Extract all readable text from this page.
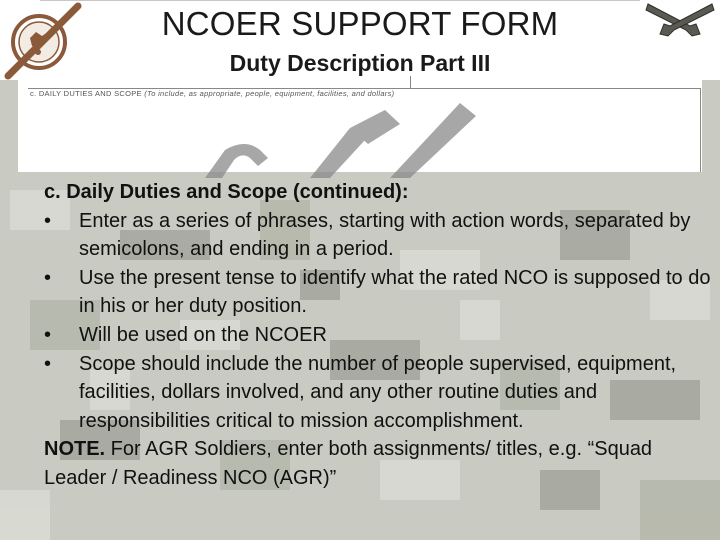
NCOER SUPPORT FORM
Duty Description Part III
c. DAILY DUTIES AND SCOPE (To include, as appropriate, people, equipment, facilities, and dollars)
c. Daily Duties and Scope (continued):
• Enter as a series of phrases, starting with action words, separated by semicolons, and ending in a period.
• Use the present tense to identify what the rated NCO is supposed to do in his or her duty position.
• Will be used on the NCOER
• Scope should include the number of people supervised, equipment, facilities, dollars involved, and any other routine duties and responsibilities critical to mission accomplishment.
NOTE. For AGR Soldiers, enter both assignments/ titles, e.g. “Squad Leader / Readiness NCO (AGR)”
